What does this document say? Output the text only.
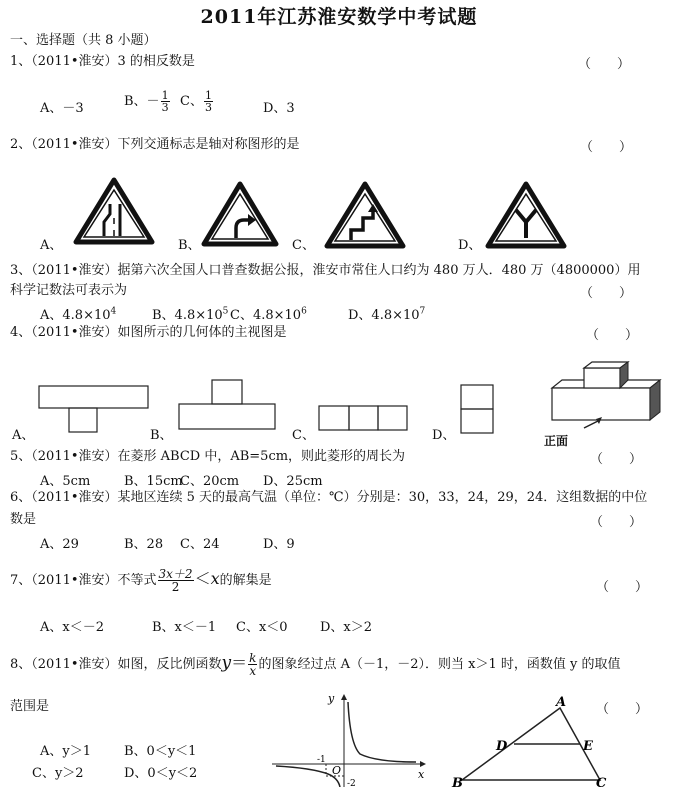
2011年江苏淮安数学中考试题
一、选择题（共 8 小题）
1、（2011•淮安）3 的相反数是	（　　）
A、－3	B、－ $\frac{1}{3}$ C、 $\frac{1}{3}$	D、3
2、（2011•淮安）下列交通标志是轴对称图形的是	（　　）
A、	B、	C、	D、
3、（2011•淮安）据第六次全国人口普查数据公报，淮安市常住人口约为 480 万人．480 万（4800000）用
科学记数法可表示为	（　　）
A、$4.8\times 10^4$	B、$4.8\times 10^5$ C、$4.8\times 10^6$	D、$4.8\times 10^7$
4、（2011•淮安）如图所示的几何体的主视图是	（　　）
A、	B、	C、	D、	正面
5、（2011•淮安）在菱形 ABCD 中，AB=5cm，则此菱形的周长为	（　　）
A、5cm	B、15cm
C、20cm D、25cm
6、（2011•淮安）某地区连续 5 天的最高气温（单位：℃）分别是：30，33，24，29，24．这组数据的中位
数是	（　　）
A、29	B、28 C、24	D、9
7、（2011•淮安）不等式 $\frac{3x+2}{2} <x$的解集是	（　　）
A、x＜－2	B、x＜－1 C、x＜0 D、x＞2
8、（2011•淮安）如图，反比例函数$y= \frac{k}{x}$ 的图象经过点 A（－1，－2）．则当 x＞1 时，函数值 y 的取值
范围是	（　　）
A、y＞1	B、0＜y＜1
C、y＞2	D、0＜y＜2
y
x
O
-1
-2
A
D	E
B	C
